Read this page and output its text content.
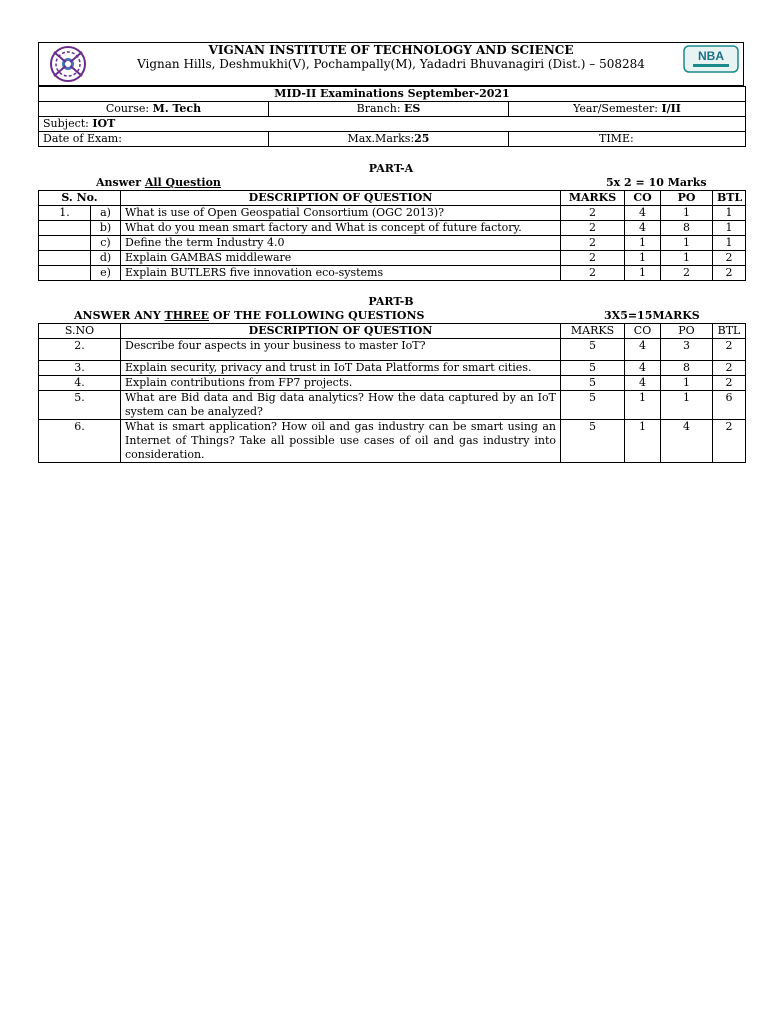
VIGNAN INSTITUTE OF TECHNOLOGY AND SCIENCE
Vignan Hills, Deshmukhi(V), Pochampally(M), Yadadri Bhuvanagiri (Dist.) – 508284
NBA
MID-II Examinations September-2021		
Course: M. Tech	Branch: ES	Year/Semester: I/II
Subject: IOT		
Date of Exam:	Max.Marks:25	TIME:
PART-A
Answer All Question	5x 2 = 10 Marks
S. No.		DESCRIPTION OF QUESTION	MARKS	CO	PO	BTL
1.	a)	What is use of Open Geospatial Consortium (OGC 2013)?	2	4	1	1
	b)	What do you mean smart factory and What is concept of future factory.	2	4	8	1
	c)	Define the term Industry 4.0	2	1	1	1
	d)	Explain GAMBAS middleware	2	1	1	2
	e)	Explain BUTLERS five innovation eco-systems	2	1	2	2
PART-B
ANSWER ANY THREE OF THE FOLLOWING QUESTIONS	3X5=15MARKS
S.NO	DESCRIPTION OF QUESTION	MARKS	CO	PO	BTL
2.	Describe four aspects in your business to master IoT?	5	4	3	2
3.	Explain security, privacy and trust in IoT Data Platforms for smart cities.	5	4	8	2
4.	Explain contributions from FP7 projects.	5	4	1	2
5.	What are Bid data and Big data analytics? How the data captured by an IoT system can be analyzed?	5	1	1	6
6.	What is smart application? How oil and gas industry can be smart using an Internet of Things? Take all possible use cases of oil and gas industry into consideration.	5	1	4	2
